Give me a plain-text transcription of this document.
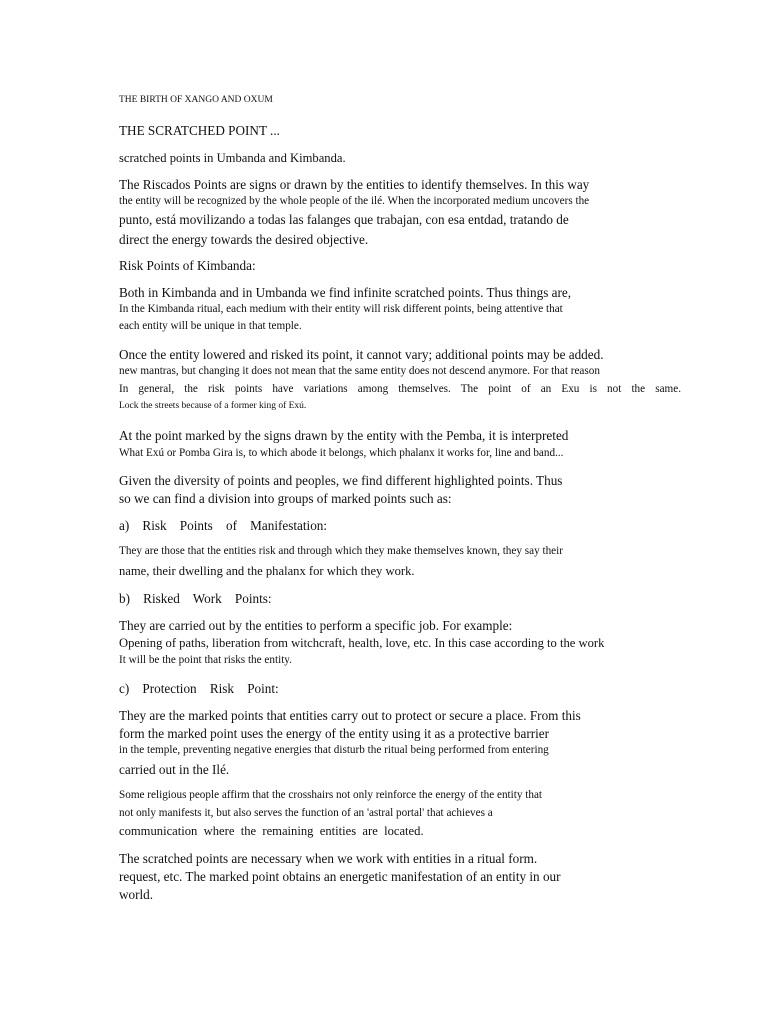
THE BIRTH OF XANGO AND OXUM
THE SCRATCHED POINT ...
scratched points in Umbanda and Kimbanda.
The Riscados Points are signs or drawn by the entities to identify themselves. In this way
the entity will be recognized by the whole people of the ilé. When the incorporated medium uncovers the
punto, está movilizando a todas las falanges que trabajan, con esa entdad, tratando de
direct the energy towards the desired objective.
Risk Points of Kimbanda:
Both in Kimbanda and in Umbanda we find infinite scratched points. Thus things are,
In the Kimbanda ritual, each medium with their entity will risk different points, being attentive that
each entity will be unique in that temple.
Once the entity lowered and risked its point, it cannot vary; additional points may be added.
new mantras, but changing it does not mean that the same entity does not descend anymore. For that reason
In general, the risk points have variations among themselves. The point of an Exu is not the same.
Lock the streets because of a former king of Exú.
At the point marked by the signs drawn by the entity with the Pemba, it is interpreted
What Exú or Pomba Gira is, to which abode it belongs, which phalanx it works for, line and band...
Given the diversity of points and peoples, we find different highlighted points. Thus
so we can find a division into groups of marked points such as:
a)    Risk    Points    of    Manifestation:
They are those that the entities risk and through which they make themselves known, they say their
name, their dwelling and the phalanx for which they work.
b)    Risked    Work    Points:
They are carried out by the entities to perform a specific job. For example:
Opening of paths, liberation from witchcraft, health, love, etc. In this case according to the work
It will be the point that risks the entity.
c)    Protection    Risk    Point:
They are the marked points that entities carry out to protect or secure a place. From this
form the marked point uses the energy of the entity using it as a protective barrier
in the temple, preventing negative energies that disturb the ritual being performed from entering
carried out in the Ilé.
Some religious people affirm that the crosshairs not only reinforce the energy of the entity that
not only manifests it, but also serves the function of an 'astral portal' that achieves a
communication  where  the  remaining  entities  are  located.
The scratched points are necessary when we work with entities in a ritual form.
request, etc. The marked point obtains an energetic manifestation of an entity in our
world.
